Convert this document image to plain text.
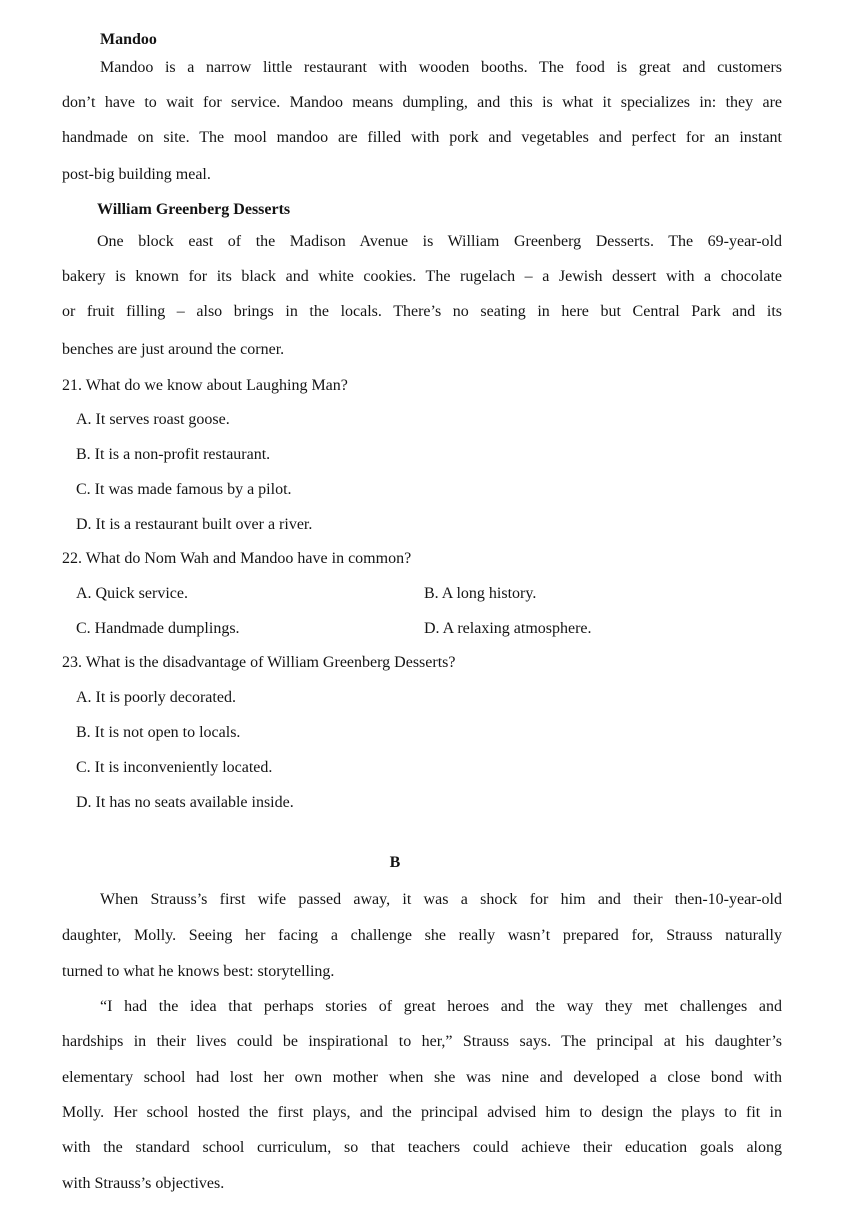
Mandoo
Mandoo is a narrow little restaurant with wooden booths. The food is great and customers
don’t have to wait for service. Mandoo means dumpling, and this is what it specializes in: they are
handmade on site. The mool mandoo are filled with pork and vegetables and perfect for an instant
post-big building meal.
William Greenberg Desserts
One block east of the Madison Avenue is William Greenberg Desserts. The 69-year-old
bakery is known for its black and white cookies. The rugelach – a Jewish dessert with a chocolate
or fruit filling – also brings in the locals. There’s no seating in here but Central Park and its
benches are just around the corner.
21. What do we know about Laughing Man?
A. It serves roast goose.
B. It is a non-profit restaurant.
C. It was made famous by a pilot.
D. It is a restaurant built over a river.
22. What do Nom Wah and Mandoo have in common?
A. Quick service.	B. A long history.
C. Handmade dumplings.	D. A relaxing atmosphere.
23. What is the disadvantage of William Greenberg Desserts?
A. It is poorly decorated.
B. It is not open to locals.
C. It is inconveniently located.
D. It has no seats available inside.
B
When Strauss’s first wife passed away, it was a shock for him and their then-10-year-old
daughter, Molly. Seeing her facing a challenge she really wasn’t prepared for, Strauss naturally
turned to what he knows best: storytelling.
“I had the idea that perhaps stories of great heroes and the way they met challenges and
hardships in their lives could be inspirational to her,” Strauss says. The principal at his daughter’s
elementary school had lost her own mother when she was nine and developed a close bond with
Molly. Her school hosted the first plays, and the principal advised him to design the plays to fit in
with the standard school curriculum, so that teachers could achieve their education goals along
with Strauss’s objectives.
